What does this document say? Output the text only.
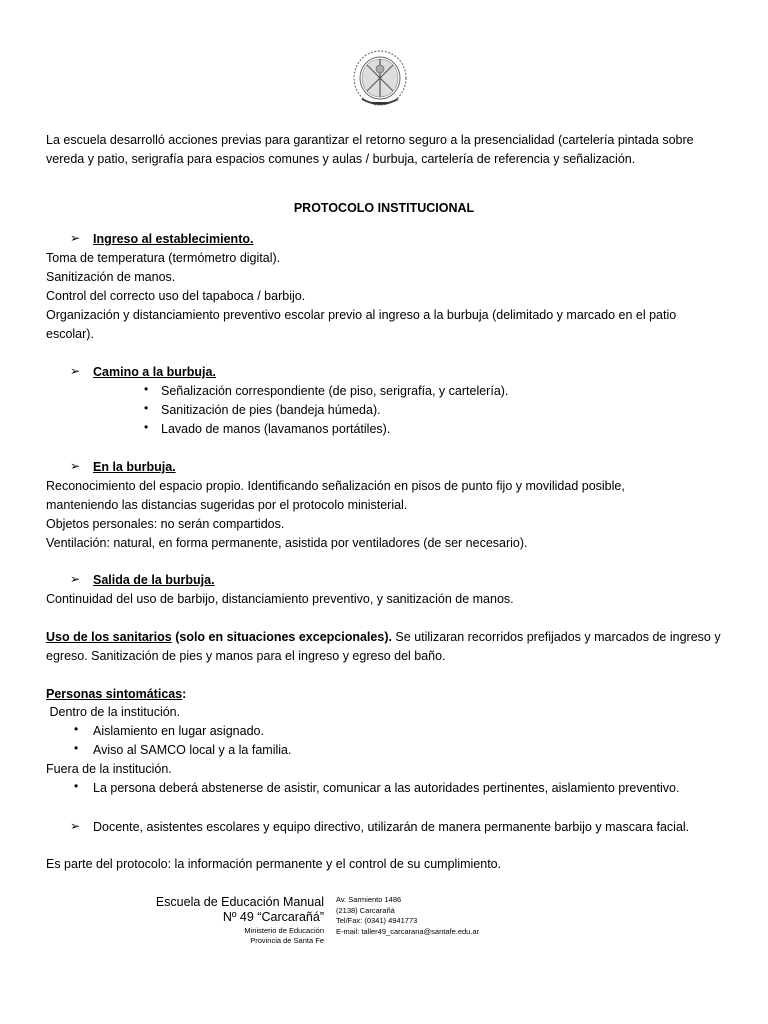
La escuela desarrolló acciones previas para garantizar el retorno seguro a la presencialidad (cartelería pintada sobre vereda y patio, serigrafía para espacios comunes y aulas / burbuja, cartelería de referencia y señalización.
PROTOCOLO INSTITUCIONAL
➢ Ingreso al establecimiento.
Toma de temperatura (termómetro digital).
Sanitización de manos.
Control del correcto uso del tapaboca / barbijo.
Organización y distanciamiento preventivo escolar previo al ingreso a la burbuja (delimitado y marcado en el patio escolar).
➢ Camino a la burbuja.
• Señalización correspondiente (de piso, serigrafía, y cartelería).
• Sanitización de pies (bandeja húmeda).
• Lavado de manos (lavamanos portátiles).
➢ En la burbuja.
Reconocimiento del espacio propio. Identificando señalización en pisos de punto fijo y movilidad posible, manteniendo las distancias sugeridas por el protocolo ministerial.
Objetos personales: no serán compartidos.
Ventilación: natural, en forma permanente, asistida por ventiladores (de ser necesario).
➢ Salida de la burbuja.
Continuidad del uso de barbijo, distanciamiento preventivo, y sanitización de manos.
Uso de los sanitarios (solo en situaciones excepcionales). Se utilizaran recorridos prefijados y marcados de ingreso y egreso. Sanitización de pies y manos para el ingreso y egreso del baño.
Personas sintomáticas:
Dentro de la institución.
• Aislamiento en lugar asignado.
• Aviso al SAMCO local y a la familia.
Fuera de la institución.
• La persona deberá abstenerse de asistir, comunicar a las autoridades pertinentes, aislamiento preventivo.
➢ Docente, asistentes escolares y equipo directivo, utilizarán de manera permanente barbijo y mascara facial.
Es parte del protocolo: la información permanente y el control de su cumplimiento.
Escuela de Educación Manual
Nº 49 “Carcarañá”
Ministerio de Educación
Provincia de Santa Fe
Av. Sarmiento 1486
(2138) Carcarañá
Tel/Fax: (0341) 4941773
E-mail: taller49_carcarana@santafe.edu.ar
